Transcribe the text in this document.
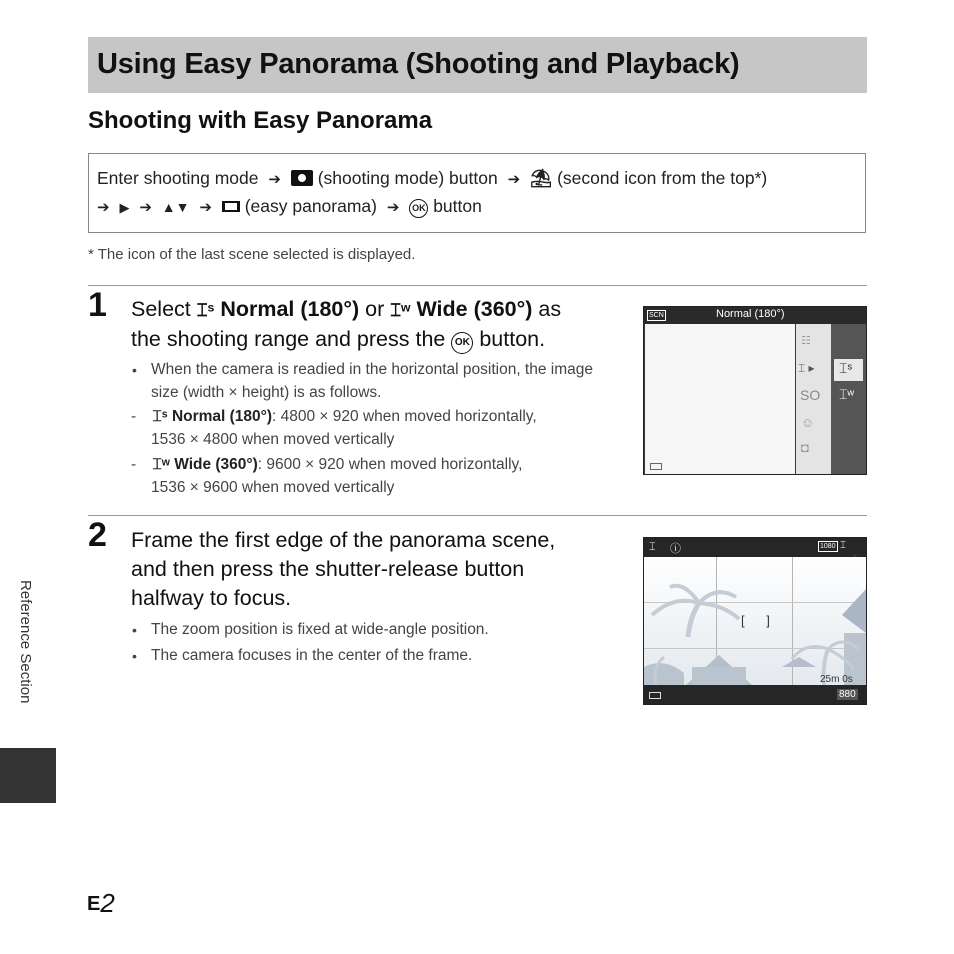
Using Easy Panorama (Shooting and Playback)
Shooting with Easy Panorama
Enter shooting mode ➔ (shooting mode) button ➔ ⛱ (second icon from the top*)
➔ ▶ ➔ ▲▼ ➔ (easy panorama) ➔ OK button
* The icon of the last scene selected is displayed.
1 Select ⌶ˢ Normal (180°) or ⌶ʷ Wide (360°) as
the shooting range and press the OK button.
• When the camera is readied in the horizontal position, the image size (width × height) is as follows.
- ⌶ˢ Normal (180°): 4800 × 920 when moved horizontally,
1536 × 4800 when moved vertically
- ⌶ʷ Wide (360°): 9600 × 920 when moved horizontally,
1536 × 9600 when moved vertically
SCN	Normal (180°)
☷
⌶ ▸
SO
☺
◘
⌶ˢ
⌶ʷ
2 Frame the first edge of the panorama scene,
and then press the shutter-release button
halfway to focus.
• The zoom position is fixed at wide-angle position.
• The camera focuses in the center of the frame.
⌶ ⓘ	1080 ⌶
[ ]
25m 0s
880
Reference Section
E2
